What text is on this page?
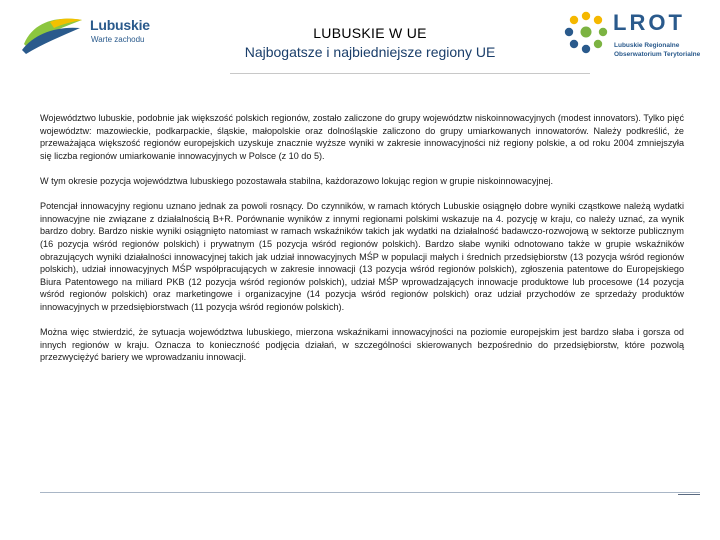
Lubuskie
Warte zachodu	LUBUSKIE W UE
Najbogatsze i najbiedniejsze regiony UE
LROT
Lubuskie Regionalne
Obserwatorium Terytorialne

Województwo lubuskie, podobnie jak większość polskich regionów, zostało zaliczone do grupy województw niskoinnowacyjnych (modest innovators). Tylko pięć województw: mazowieckie, podkarpackie, śląskie, małopolskie oraz dolnośląskie zaliczono do grupy umiarkowanych innowatorów. Należy podkreślić, że przeważająca większość regionów europejskich uzyskuje znacznie wyższe wyniki w zakresie innowacyjności niż regiony polskie, a od roku 2004 zmniejszyła się liczba regionów umiarkowanie innowacyjnych w Polsce (z 10 do 5).

W tym okresie pozycja województwa lubuskiego pozostawała stabilna, każdorazowo lokując region w grupie niskoinnowacyjnej.

Potencjał innowacyjny regionu uznano jednak za powoli rosnący. Do czynników, w ramach których Lubuskie osiągnęło dobre wyniki cząstkowe należą wydatki innowacyjne nie związane z działalnością B+R. Porównanie wyników z innymi regionami polskimi wskazuje na 4. pozycję w kraju, co należy uznać, za wynik bardzo dobry. Bardzo niskie wyniki osiągnięto natomiast w ramach wskaźników takich jak wydatki na działalność badawczo-rozwojową w sektorze publicznym (16 pozycja wśród regionów polskich) i prywatnym (15 pozycja wśród regionów polskich). Bardzo słabe wyniki odnotowano także w grupie wskaźników obrazujących wyniki działalności innowacyjnej takich jak udział innowacyjnych MŚP w populacji małych i średnich przedsiębiorstw (13 pozycja wśród regionów polskich), udział innowacyjnych MŚP współpracujących w zakresie innowacji (13 pozycja wśród regionów polskich), zgłoszenia patentowe do Europejskiego Biura Patentowego na miliard PKB (12 pozycja wśród regionów polskich), udział MŚP wprowadzających innowacje produktowe lub procesowe (14 pozycja wśród regionów polskich) oraz marketingowe i organizacyjne (14 pozycja wśród regionów polskich) oraz udział przychodów ze sprzedaży produktów innowacyjnych w przedsiębiorstwach (11 pozycja wśród regionów polskich).

Można więc stwierdzić, że sytuacja województwa lubuskiego, mierzona wskaźnikami innowacyjności na poziomie europejskim jest bardzo słaba i gorsza od innych regionów w kraju. Oznacza to konieczność podjęcia działań, w szczególności skierowanych bezpośrednio do przedsiębiorstw, które pozwolą przezwyciężyć bariery we wprowadzaniu innowacji.
